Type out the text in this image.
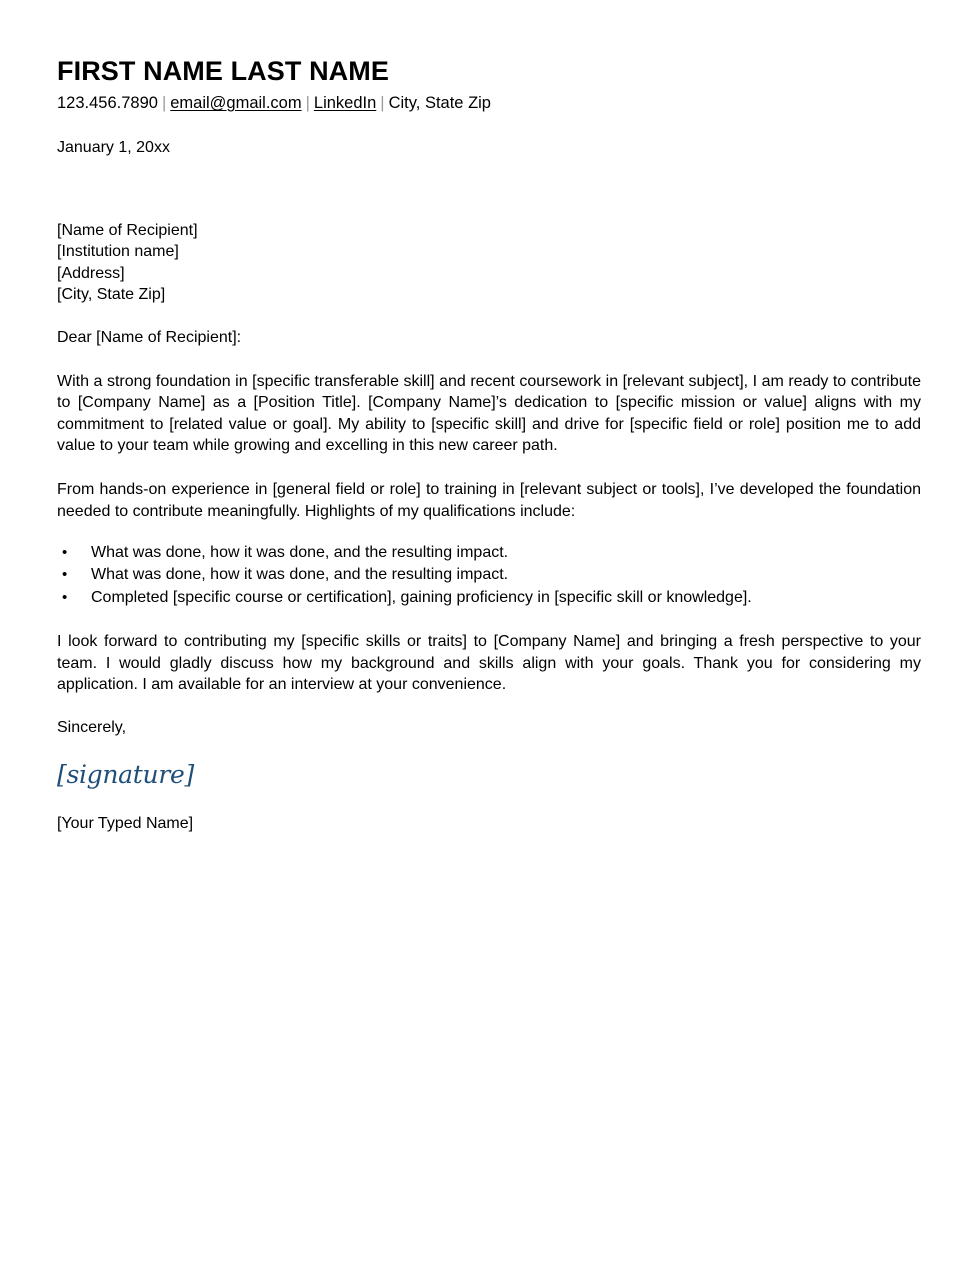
FIRST NAME LAST NAME
123.456.7890 | email@gmail.com | LinkedIn | City, State Zip
January 1, 20xx
[Name of Recipient]
[Institution name]
[Address]
[City, State Zip]

Dear [Name of Recipient]:

With a strong foundation in [specific transferable skill] and recent coursework in [relevant subject], I am ready to contribute to [Company Name] as a [Position Title]. [Company Name]’s dedication to [specific mission or value] aligns with my commitment to [related value or goal]. My ability to [specific skill] and drive for [specific field or role] position me to add value to your team while growing and excelling in this new career path.

From hands-on experience in [general field or role] to training in [relevant subject or tools], I’ve developed the foundation needed to contribute meaningfully. Highlights of my qualifications include:

• What was done, how it was done, and the resulting impact.
• What was done, how it was done, and the resulting impact.
• Completed [specific course or certification], gaining proficiency in [specific skill or knowledge].

I look forward to contributing my [specific skills or traits] to [Company Name] and bringing a fresh perspective to your team. I would gladly discuss how my background and skills align with your goals. Thank you for considering my application. I am available for an interview at your convenience.

Sincerely,

[signature]

[Your Typed Name]
